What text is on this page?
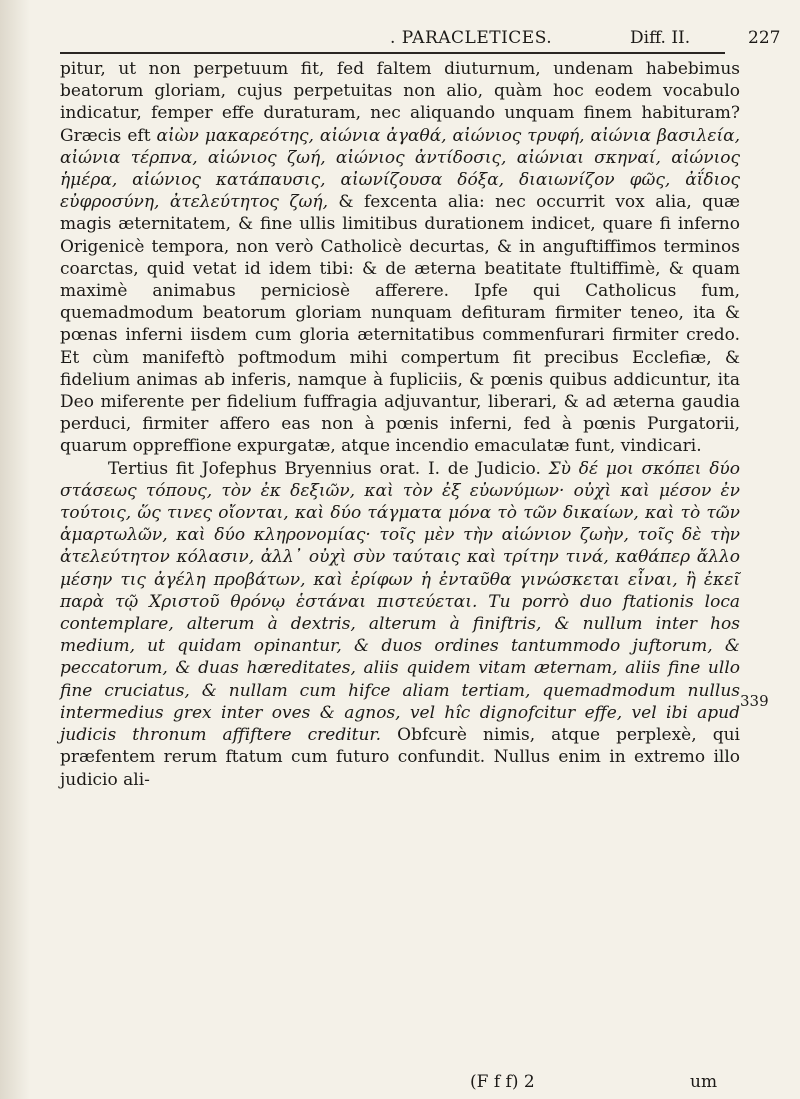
. PARACLETICES.	Diff. II.	227

pitur, ut non perpetuum fit, fed faltem diuturnum, undenam habebimus beatorum gloriam, cujus perpetuitas non alio, quàm hoc eodem vocabulo indicatur, femper effe duraturam, nec aliquando unquam finem habituram? Græcis eft αἰὼν μακαρεότης, αἰώνια ἀγαθά, αἰώνιος τρυφή, αἰώνια βασιλεία, αἰώνια τέρπνα, αἰώνιος ζωή, αἰώνιος ἀντίδοσις, αἰώνιαι σκηναί, αἰώνιος ἡμέρα, αἰώνιος κατάπαυσις, αἰωνίζουσα δόξα, διαιωνίζον φῶς, ἀΐδιος εὐφροσύνη, ἀτελεύτητος ζωή, & fexcenta alia: nec occurrit vox alia, quæ magis æternitatem, & fine ullis limitibus durationem indicet, quare fi inferno Origenicè tempora, non verò Catholicè decurtas, & in anguftiffimos terminos coarctas, quid vetat id idem tibi: & de æterna beatitate ftultiffimè, & quam maximè animabus perniciosè afferere. Ipfe qui Catholicus fum, quemadmodum beatorum gloriam nunquam defituram firmiter teneo, ita & pœnas inferni iisdem cum gloria æternitatibus commenfurari firmiter credo. Et cùm manifeftò poftmodum mihi compertum fit precibus Ecclefiæ, & fidelium animas ab inferis, namque à fupliciis, & pœnis quibus addicuntur, ita Deo miferente per fidelium fuffragia adjuvantur, liberari, & ad æterna gaudia perduci, firmiter affero eas non à pœnis inferni, fed à pœnis Purgatorii, quarum oppreffione expurgatæ, atque incendio emaculatæ funt, vindicari.

Tertius fit Jofephus Bryennius orat. I. de Judicio. Σὺ δέ μοι σκόπει δύο στάσεως τόπους, τὸν ἐκ δεξιῶν, καὶ τὸν ἐξ εὐωνύμων· οὐχὶ καὶ μέσον ἐν τούτοις, ὥς τινες οἴονται, καὶ δύο τάγματα μόνα τὸ τῶν δικαίων, καὶ τὸ τῶν ἁμαρτωλῶν, καὶ δύο κληρονομίας· τοῖς μὲν τὴν αἰώνιον ζωὴν, τοῖς δὲ τὴν ἀτελεύτητον κόλασιν, ἀλλ᾽ οὐχὶ σὺν ταύταις καὶ τρίτην τινά, καθάπερ ἄλλο μέσην τις ἀγέλη προβάτων, καὶ ἐρίφων ἡ ἐνταῦθα γινώσκεται εἶναι, ἢ ἐκεῖ παρὰ τῷ Χριστοῦ θρόνῳ ἑστάναι πιστεύεται. Tu porrò duo ftationis loca contemplare, alterum à dextris, alterum à finiftris, & nullum inter hos medium, ut quidam opinantur, & duos ordines tantummodo juftorum, & peccatorum, & duas hæreditates, aliis quidem vitam æternam, aliis fine ullo fine cruciatus, & nullam cum hifce aliam tertiam, quemadmodum nullus intermedius grex inter oves & agnos, vel hîc dignofcitur effe, vel ibi apud judicis thronum affiftere creditur. Obfcurè nimis, atque perplexè, qui præfentem rerum ftatum cum futuro confundit. Nullus enim in extremo illo judicio ali-

339
(F f f) 2	um
